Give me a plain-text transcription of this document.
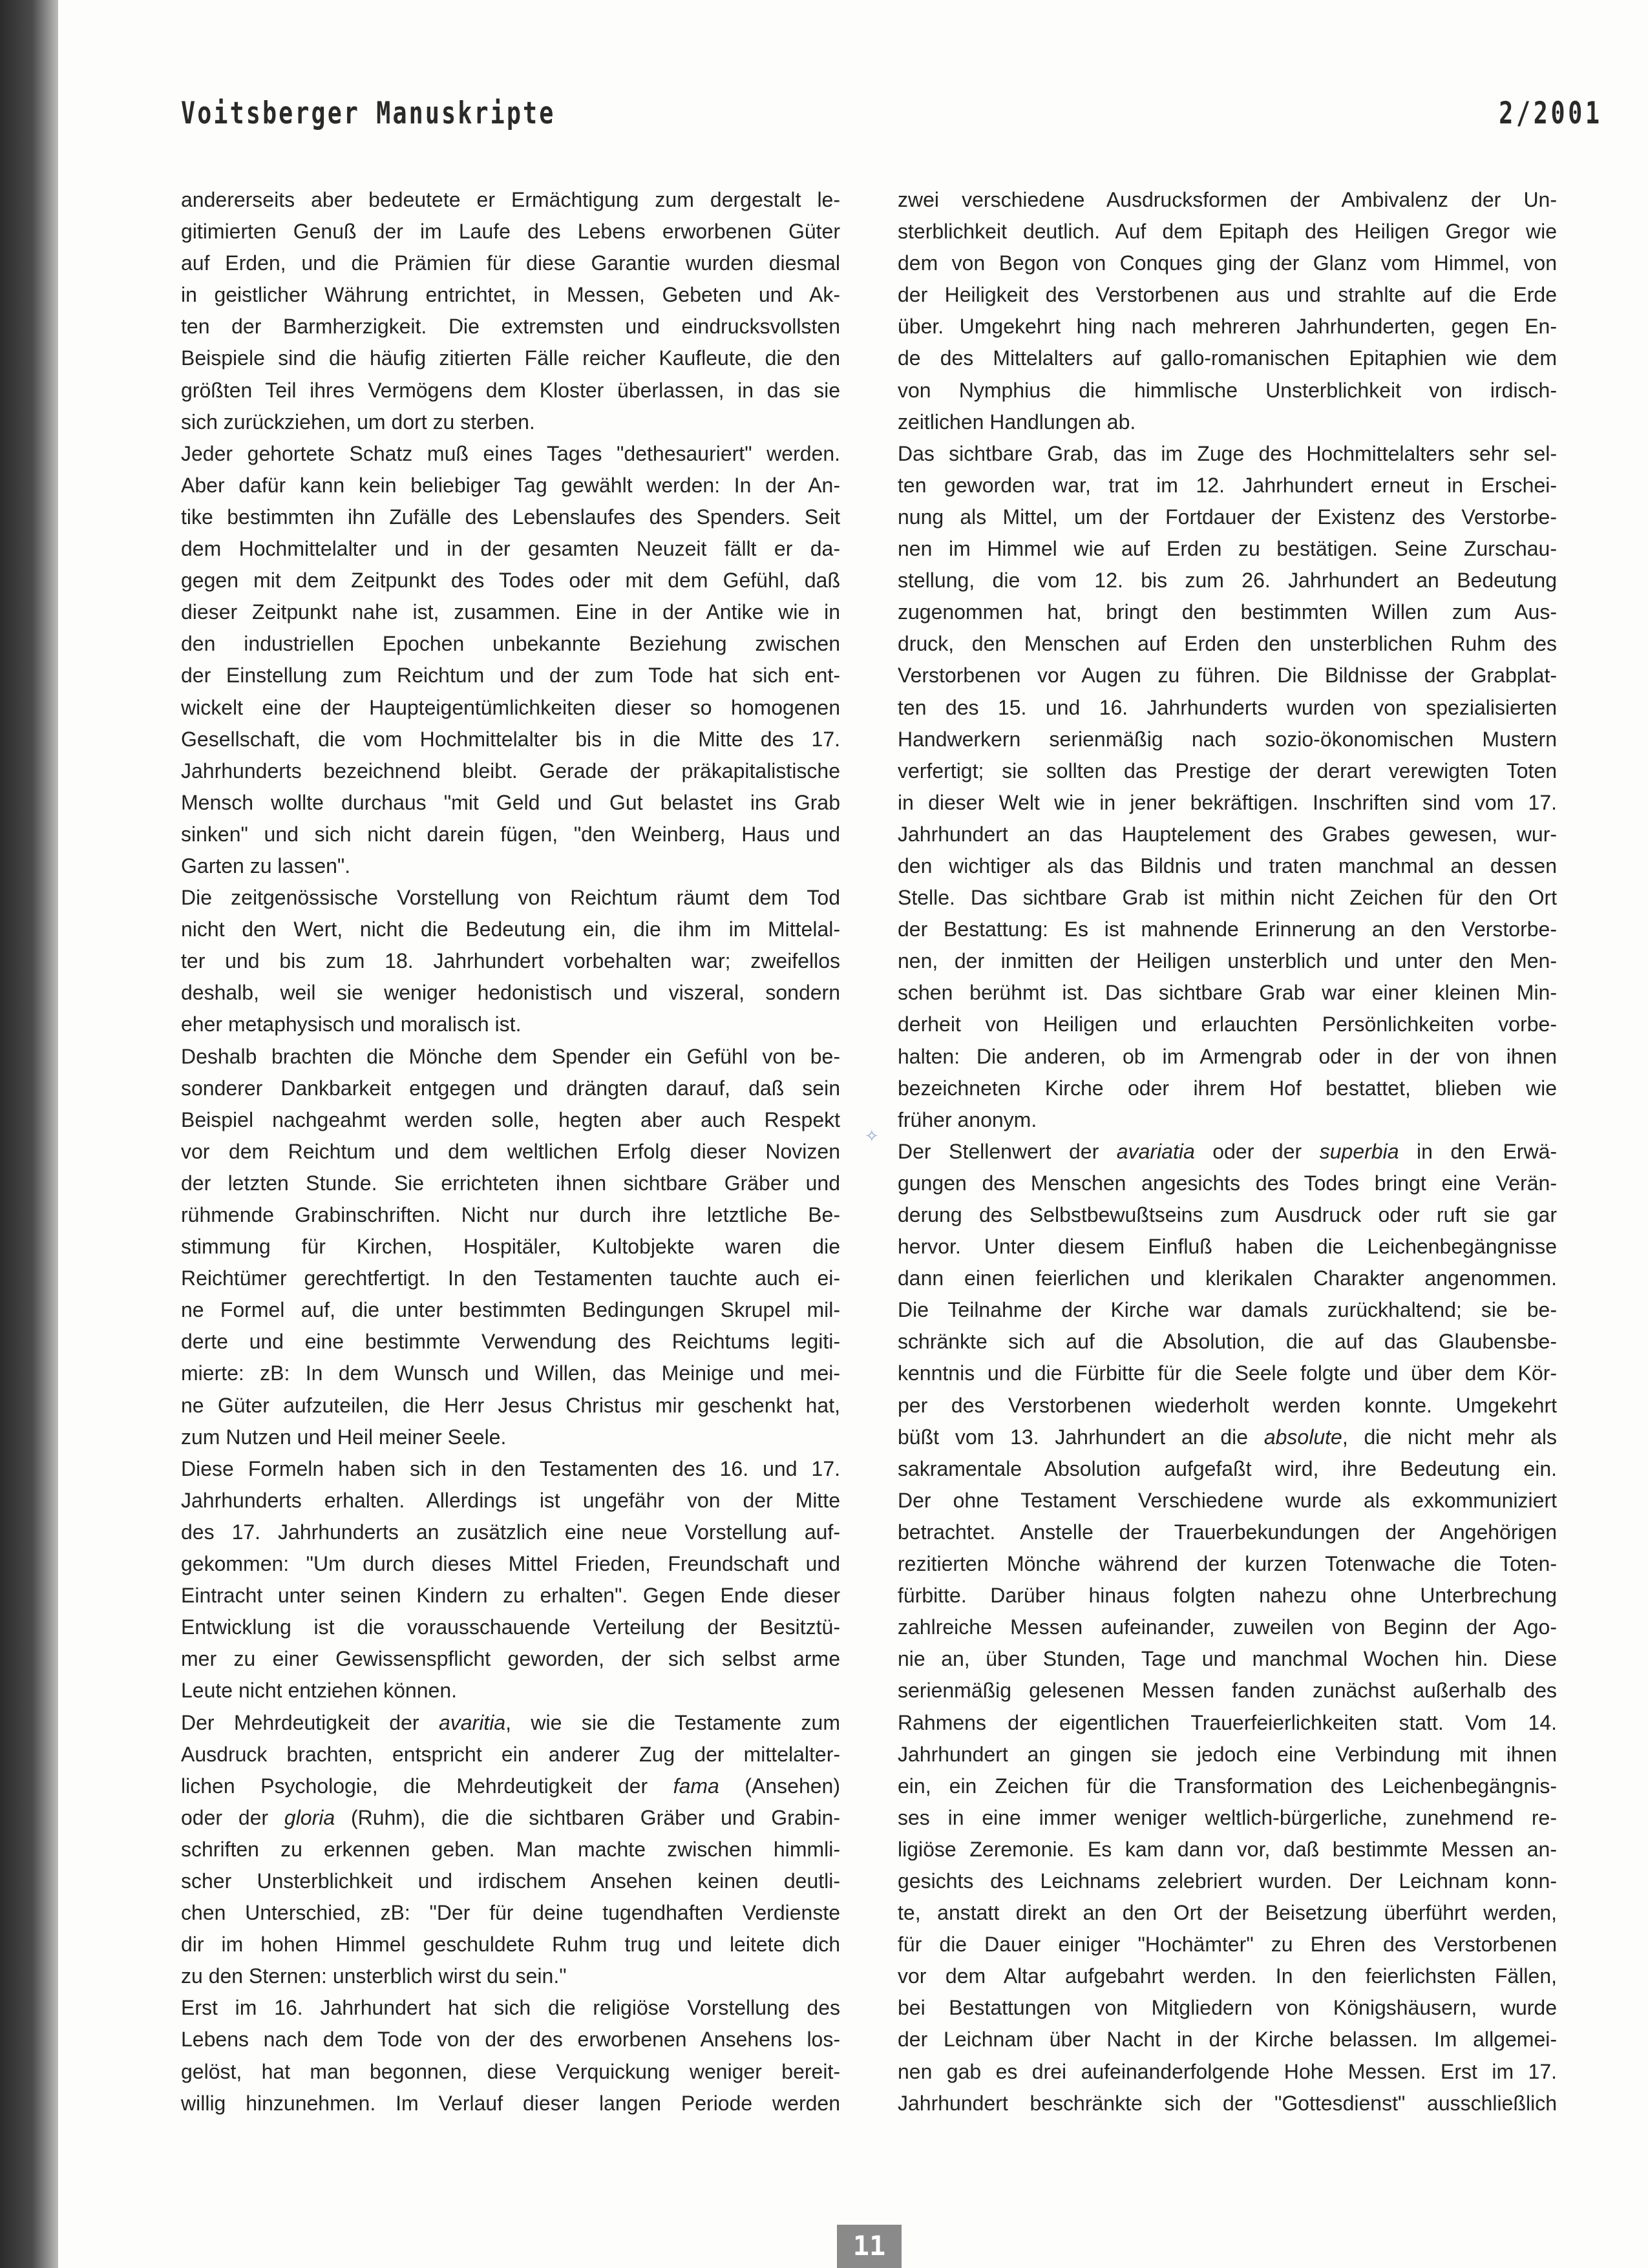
Voitsberger Manuskripte	2/2001
andererseits aber bedeutete er Ermächtigung zum dergestalt le-
gitimierten Genuß der im Laufe des Lebens erworbenen Güter
auf Erden, und die Prämien für diese Garantie wurden diesmal
in geistlicher Währung entrichtet, in Messen, Gebeten und Ak-
ten der Barmherzigkeit. Die extremsten und eindrucksvollsten
Beispiele sind die häufig zitierten Fälle reicher Kaufleute, die den
größten Teil ihres Vermögens dem Kloster überlassen, in das sie
sich zurückziehen, um dort zu sterben.
Jeder gehortete Schatz muß eines Tages "dethesauriert" werden.
Aber dafür kann kein beliebiger Tag gewählt werden: In der An-
tike bestimmten ihn Zufälle des Lebenslaufes des Spenders. Seit
dem Hochmittelalter und in der gesamten Neuzeit fällt er da-
gegen mit dem Zeitpunkt des Todes oder mit dem Gefühl, daß
dieser Zeitpunkt nahe ist, zusammen. Eine in der Antike wie in
den industriellen Epochen unbekannte Beziehung zwischen
der Einstellung zum Reichtum und der zum Tode hat sich ent-
wickelt eine der Haupteigentümlichkeiten dieser so homogenen
Gesellschaft, die vom Hochmittelalter bis in die Mitte des 17.
Jahrhunderts bezeichnend bleibt. Gerade der präkapitalistische
Mensch wollte durchaus "mit Geld und Gut belastet ins Grab
sinken" und sich nicht darein fügen, "den Weinberg, Haus und
Garten zu lassen".
Die zeitgenössische Vorstellung von Reichtum räumt dem Tod
nicht den Wert, nicht die Bedeutung ein, die ihm im Mittelal-
ter und bis zum 18. Jahrhundert vorbehalten war; zweifellos
deshalb, weil sie weniger hedonistisch und viszeral, sondern
eher metaphysisch und moralisch ist.
Deshalb brachten die Mönche dem Spender ein Gefühl von be-
sonderer Dankbarkeit entgegen und drängten darauf, daß sein
Beispiel nachgeahmt werden solle, hegten aber auch Respekt
vor dem Reichtum und dem weltlichen Erfolg dieser Novizen
der letzten Stunde. Sie errichteten ihnen sichtbare Gräber und
rühmende Grabinschriften. Nicht nur durch ihre letztliche Be-
stimmung für Kirchen, Hospitäler, Kultobjekte waren die
Reichtümer gerechtfertigt. In den Testamenten tauchte auch ei-
ne Formel auf, die unter bestimmten Bedingungen Skrupel mil-
derte und eine bestimmte Verwendung des Reichtums legiti-
mierte: zB: In dem Wunsch und Willen, das Meinige und mei-
ne Güter aufzuteilen, die Herr Jesus Christus mir geschenkt hat,
zum Nutzen und Heil meiner Seele.
Diese Formeln haben sich in den Testamenten des 16. und 17.
Jahrhunderts erhalten. Allerdings ist ungefähr von der Mitte
des 17. Jahrhunderts an zusätzlich eine neue Vorstellung auf-
gekommen: "Um durch dieses Mittel Frieden, Freundschaft und
Eintracht unter seinen Kindern zu erhalten". Gegen Ende dieser
Entwicklung ist die vorausschauende Verteilung der Besitztü-
mer zu einer Gewissenspflicht geworden, der sich selbst arme
Leute nicht entziehen können.
Der Mehrdeutigkeit der avaritia, wie sie die Testamente zum
Ausdruck brachten, entspricht ein anderer Zug der mittelalter-
lichen Psychologie, die Mehrdeutigkeit der fama (Ansehen)
oder der gloria (Ruhm), die die sichtbaren Gräber und Grabin-
schriften zu erkennen geben. Man machte zwischen himmli-
scher Unsterblichkeit und irdischem Ansehen keinen deutli-
chen Unterschied, zB: "Der für deine tugendhaften Verdienste
dir im hohen Himmel geschuldete Ruhm trug und leitete dich
zu den Sternen: unsterblich wirst du sein."
Erst im 16. Jahrhundert hat sich die religiöse Vorstellung des
Lebens nach dem Tode von der des erworbenen Ansehens los-
gelöst, hat man begonnen, diese Verquickung weniger bereit-
willig hinzunehmen. Im Verlauf dieser langen Periode werden
zwei verschiedene Ausdrucksformen der Ambivalenz der Un-
sterblichkeit deutlich. Auf dem Epitaph des Heiligen Gregor wie
dem von Begon von Conques ging der Glanz vom Himmel, von
der Heiligkeit des Verstorbenen aus und strahlte auf die Erde
über. Umgekehrt hing nach mehreren Jahrhunderten, gegen En-
de des Mittelalters auf gallo-romanischen Epitaphien wie dem
von Nymphius die himmlische Unsterblichkeit von irdisch-
zeitlichen Handlungen ab.
Das sichtbare Grab, das im Zuge des Hochmittelalters sehr sel-
ten geworden war, trat im 12. Jahrhundert erneut in Erschei-
nung als Mittel, um der Fortdauer der Existenz des Verstorbe-
nen im Himmel wie auf Erden zu bestätigen. Seine Zurschau-
stellung, die vom 12. bis zum 26. Jahrhundert an Bedeutung
zugenommen hat, bringt den bestimmten Willen zum Aus-
druck, den Menschen auf Erden den unsterblichen Ruhm des
Verstorbenen vor Augen zu führen. Die Bildnisse der Grabplat-
ten des 15. und 16. Jahrhunderts wurden von spezialisierten
Handwerkern serienmäßig nach sozio-ökonomischen Mustern
verfertigt; sie sollten das Prestige der derart verewigten Toten
in dieser Welt wie in jener bekräftigen. Inschriften sind vom 17.
Jahrhundert an das Hauptelement des Grabes gewesen, wur-
den wichtiger als das Bildnis und traten manchmal an dessen
Stelle. Das sichtbare Grab ist mithin nicht Zeichen für den Ort
der Bestattung: Es ist mahnende Erinnerung an den Verstorbe-
nen, der inmitten der Heiligen unsterblich und unter den Men-
schen berühmt ist. Das sichtbare Grab war einer kleinen Min-
derheit von Heiligen und erlauchten Persönlichkeiten vorbe-
halten: Die anderen, ob im Armengrab oder in der von ihnen
bezeichneten Kirche oder ihrem Hof bestattet, blieben wie
früher anonym.
Der Stellenwert der avariatia oder der superbia in den Erwä-
gungen des Menschen angesichts des Todes bringt eine Verän-
derung des Selbstbewußtseins zum Ausdruck oder ruft sie gar
hervor. Unter diesem Einfluß haben die Leichenbegängnisse
dann einen feierlichen und klerikalen Charakter angenommen.
Die Teilnahme der Kirche war damals zurückhaltend; sie be-
schränkte sich auf die Absolution, die auf das Glaubensbe-
kenntnis und die Fürbitte für die Seele folgte und über dem Kör-
per des Verstorbenen wiederholt werden konnte. Umgekehrt
büßt vom 13. Jahrhundert an die absolute, die nicht mehr als
sakramentale Absolution aufgefaßt wird, ihre Bedeutung ein.
Der ohne Testament Verschiedene wurde als exkommuniziert
betrachtet. Anstelle der Trauerbekundungen der Angehörigen
rezitierten Mönche während der kurzen Totenwache die Toten-
fürbitte. Darüber hinaus folgten nahezu ohne Unterbrechung
zahlreiche Messen aufeinander, zuweilen von Beginn der Ago-
nie an, über Stunden, Tage und manchmal Wochen hin. Diese
serienmäßig gelesenen Messen fanden zunächst außerhalb des
Rahmens der eigentlichen Trauerfeierlichkeiten statt. Vom 14.
Jahrhundert an gingen sie jedoch eine Verbindung mit ihnen
ein, ein Zeichen für die Transformation des Leichenbegängnis-
ses in eine immer weniger weltlich-bürgerliche, zunehmend re-
ligiöse Zeremonie. Es kam dann vor, daß bestimmte Messen an-
gesichts des Leichnams zelebriert wurden. Der Leichnam konn-
te, anstatt direkt an den Ort der Beisetzung überführt werden,
für die Dauer einiger "Hochämter" zu Ehren des Verstorbenen
vor dem Altar aufgebahrt werden. In den feierlichsten Fällen,
bei Bestattungen von Mitgliedern von Königshäusern, wurde
der Leichnam über Nacht in der Kirche belassen. Im allgemei-
nen gab es drei aufeinanderfolgende Hohe Messen. Erst im 17.
Jahrhundert beschränkte sich der "Gottesdienst" ausschließlich
✧
11
